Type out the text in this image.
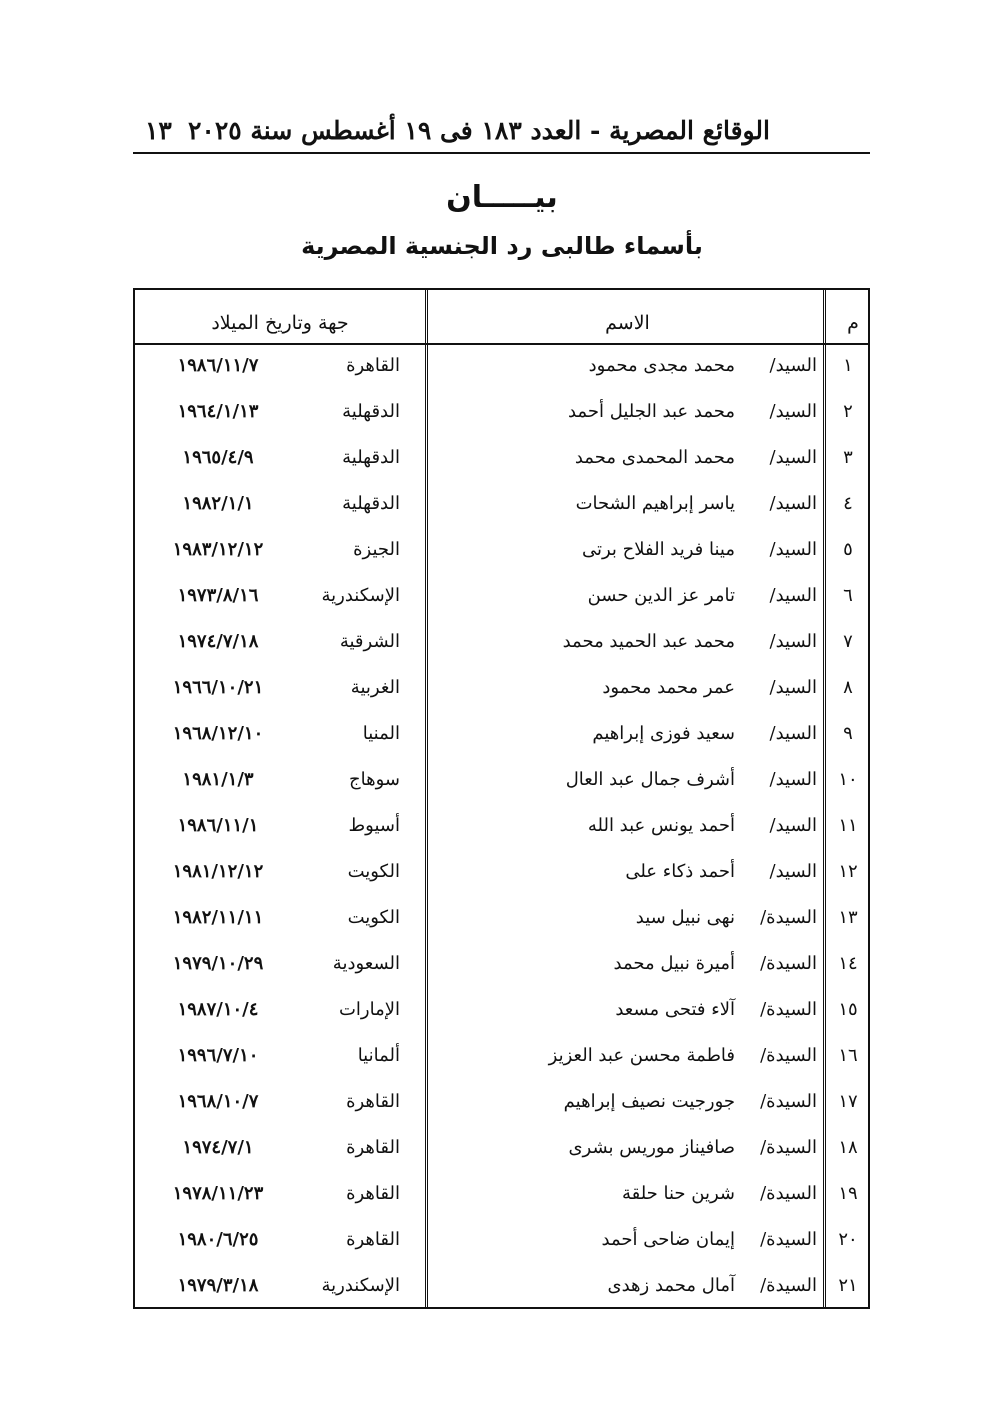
الوقائع المصرية - العدد ١٨٣ فى ١٩ أغسطس سنة ٢٠٢٥
١٣
بيـــــان
بأسماء طالبى رد الجنسية المصرية
م
الاسم
جهة وتاريخ الميلاد
١
السيد/
محمد مجدى محمود
القاهرة
١٩٨٦/١١/٧
٢
السيد/
محمد عبد الجليل أحمد
الدقهلية
١٩٦٤/١/١٣
٣
السيد/
محمد المحمدى محمد
الدقهلية
١٩٦٥/٤/٩
٤
السيد/
ياسر إبراهيم الشحات
الدقهلية
١٩٨٢/١/١
٥
السيد/
مينا فريد الفلاح برتى
الجيزة
١٩٨٣/١٢/١٢
٦
السيد/
تامر عز الدين حسن
الإسكندرية
١٩٧٣/٨/١٦
٧
السيد/
محمد عبد الحميد محمد
الشرقية
١٩٧٤/٧/١٨
٨
السيد/
عمر محمد محمود
الغربية
١٩٦٦/١٠/٢١
٩
السيد/
سعيد فوزى إبراهيم
المنيا
١٩٦٨/١٢/١٠
١٠
السيد/
أشرف جمال عبد العال
سوهاج
١٩٨١/١/٣
١١
السيد/
أحمد يونس عبد الله
أسيوط
١٩٨٦/١١/١
١٢
السيد/
أحمد ذكاء على
الكويت
١٩٨١/١٢/١٢
١٣
السيدة/
نهى نبيل سيد
الكويت
١٩٨٢/١١/١١
١٤
السيدة/
أميرة نبيل محمد
السعودية
١٩٧٩/١٠/٢٩
١٥
السيدة/
آلاء فتحى مسعد
الإمارات
١٩٨٧/١٠/٤
١٦
السيدة/
فاطمة محسن عبد العزيز
ألمانيا
١٩٩٦/٧/١٠
١٧
السيدة/
جورجيت نصيف إبراهيم
القاهرة
١٩٦٨/١٠/٧
١٨
السيدة/
صافيناز موريس بشرى
القاهرة
١٩٧٤/٧/١
١٩
السيدة/
شرين حنا حلقة
القاهرة
١٩٧٨/١١/٢٣
٢٠
السيدة/
إيمان ضاحى أحمد
القاهرة
١٩٨٠/٦/٢٥
٢١
السيدة/
آمال محمد زهدى
الإسكندرية
١٩٧٩/٣/١٨
